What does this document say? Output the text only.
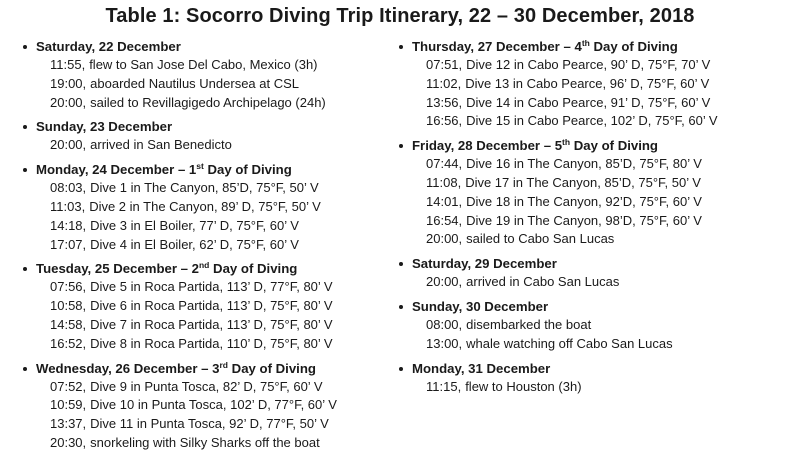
Table 1: Socorro Diving Trip Itinerary, 22 – 30 December, 2018
Saturday, 22 December
11:55, flew to San Jose Del Cabo, Mexico (3h)
19:00, aboarded Nautilus Undersea at CSL
20:00, sailed to Revillagigedo Archipelago (24h)
Sunday, 23 December
20:00, arrived in San Benedicto
Monday, 24 December – 1st Day of Diving
08:03, Dive 1 in The Canyon, 85’D, 75°F, 50’ V
11:03, Dive 2 in The Canyon, 89’ D, 75°F, 50’ V
14:18, Dive 3 in El Boiler, 77’ D, 75°F, 60’ V
17:07, Dive 4 in El Boiler, 62’ D, 75°F, 60’ V
Tuesday, 25 December – 2nd Day of Diving
07:56, Dive 5 in Roca Partida, 113’ D, 77°F, 80’ V
10:58, Dive 6 in Roca Partida, 113’ D, 75°F, 80’ V
14:58, Dive 7 in Roca Partida, 113’ D, 75°F, 80’ V
16:52, Dive 8 in Roca Partida, 110’ D, 75°F, 80’ V
Wednesday, 26 December – 3rd Day of Diving
07:52, Dive 9 in Punta Tosca, 82’ D, 75°F, 60’ V
10:59, Dive 10 in Punta Tosca, 102’ D, 77°F, 60’ V
13:37, Dive 11 in Punta Tosca, 92’ D, 77°F, 50’ V
20:30, snorkeling with Silky Sharks off the boat
Thursday, 27 December – 4th Day of Diving
07:51, Dive 12 in Cabo Pearce, 90’ D, 75°F, 70’ V
11:02, Dive 13 in Cabo Pearce, 96’ D, 75°F, 60’ V
13:56, Dive 14 in Cabo Pearce, 91’ D, 75°F, 60’ V
16:56, Dive 15 in Cabo Pearce, 102’ D, 75°F, 60’ V
Friday, 28 December – 5th Day of Diving
07:44, Dive 16 in The Canyon, 85’D, 75°F, 80’ V
11:08, Dive 17 in The Canyon, 85’D, 75°F, 50’ V
14:01, Dive 18 in The Canyon, 92’D, 75°F, 60’ V
16:54, Dive 19 in The Canyon, 98’D, 75°F, 60’ V
20:00, sailed to Cabo San Lucas
Saturday, 29 December
20:00, arrived in Cabo San Lucas
Sunday, 30 December
08:00, disembarked the boat
13:00, whale watching off Cabo San Lucas
Monday, 31 December
11:15, flew to Houston (3h)
